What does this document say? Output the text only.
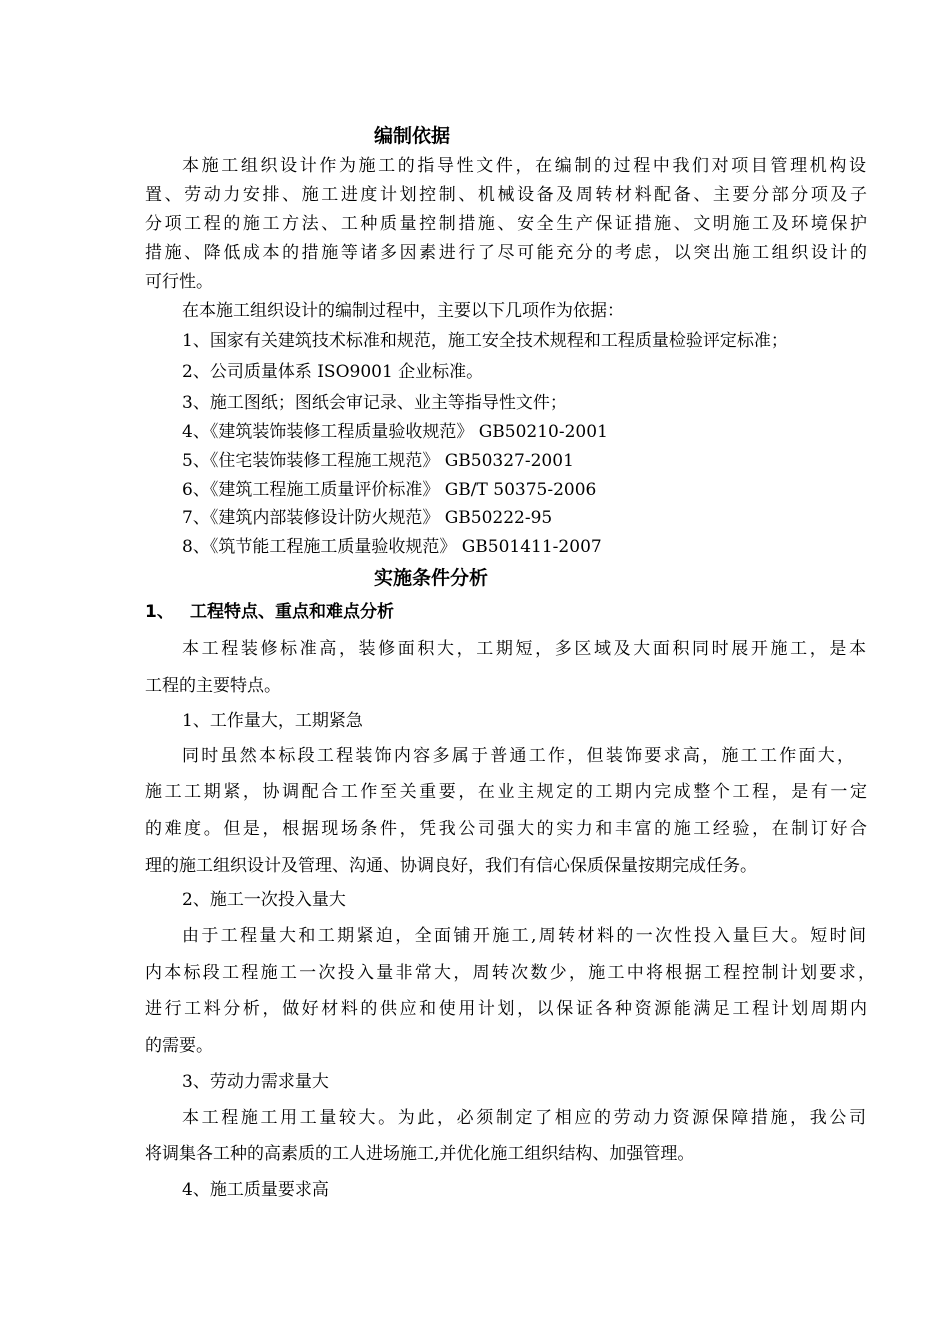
编制依据
本施工组织设计作为施工的指导性文件，在编制的过程中我们对项目管理机构设
置、劳动力安排、施工进度计划控制、机械设备及周转材料配备、主要分部分项及子
分项工程的施工方法、工种质量控制措施、安全生产保证措施、文明施工及环境保护
措施、降低成本的措施等诸多因素进行了尽可能充分的考虑，以突出施工组织设计的
可行性。
在本施工组织设计的编制过程中，主要以下几项作为依据：
1、国家有关建筑技术标准和规范，施工安全技术规程和工程质量检验评定标准；
2、公司质量体系 ISO9001 企业标准。
3、施工图纸；图纸会审记录、业主等指导性文件；
4、《建筑装饰装修工程质量验收规范》 GB50210-2001
5、《住宅装饰装修工程施工规范》 GB50327-2001
6、《建筑工程施工质量评价标准》 GB/T 50375-2006
7、《建筑内部装修设计防火规范》 GB50222-95
8、《筑节能工程施工质量验收规范》 GB501411-2007
实施条件分析
1、 工程特点、重点和难点分析
本工程装修标准高，装修面积大，工期短，多区域及大面积同时展开施工，是本
工程的主要特点。
1、工作量大，工期紧急
同时虽然本标段工程装饰内容多属于普通工作，但装饰要求高，施工工作面大，
施工工期紧，协调配合工作至关重要，在业主规定的工期内完成整个工程，是有一定
的难度。但是，根据现场条件，凭我公司强大的实力和丰富的施工经验，在制订好合
理的施工组织设计及管理、沟通、协调良好，我们有信心保质保量按期完成任务。
2、施工一次投入量大
由于工程量大和工期紧迫，全面铺开施工,周转材料的一次性投入量巨大。短时间
内本标段工程施工一次投入量非常大，周转次数少，施工中将根据工程控制计划要求，
进行工料分析，做好材料的供应和使用计划，以保证各种资源能满足工程计划周期内
的需要。
3、劳动力需求量大
本工程施工用工量较大。为此，必须制定了相应的劳动力资源保障措施，我公司
将调集各工种的高素质的工人进场施工,并优化施工组织结构、加强管理。
4、施工质量要求高
